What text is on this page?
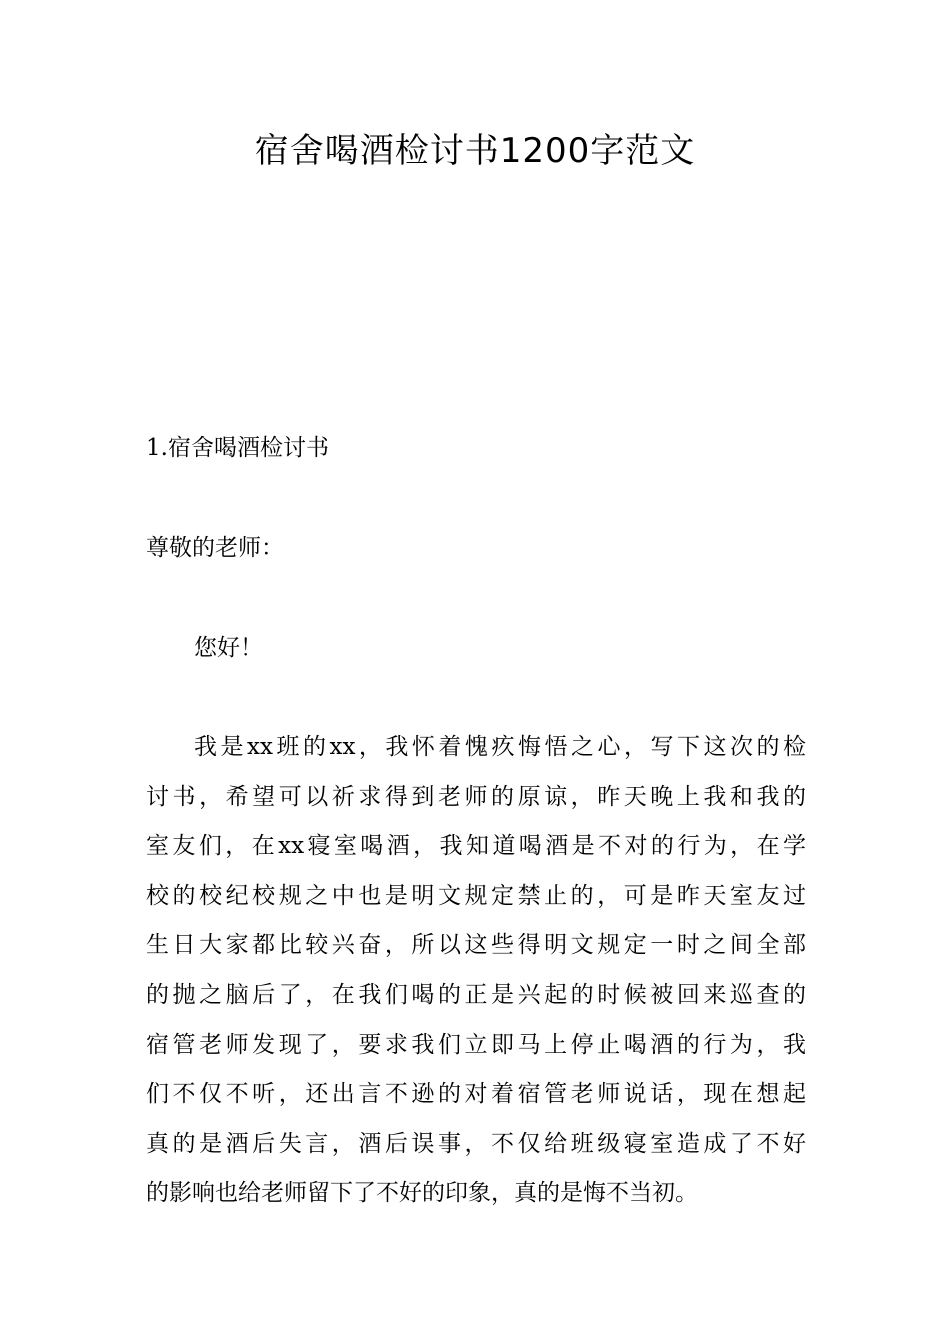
宿舍喝酒检讨书1200字范文
1.宿舍喝酒检讨书
尊敬的老师：
您好！
我是xx班的xx，我怀着愧疚悔悟之心，写下这次的检
讨书，希望可以祈求得到老师的原谅，昨天晚上我和我的
室友们，在xx寝室喝酒，我知道喝酒是不对的行为，在学
校的校纪校规之中也是明文规定禁止的，可是昨天室友过
生日大家都比较兴奋，所以这些得明文规定一时之间全部
的抛之脑后了，在我们喝的正是兴起的时候被回来巡查的
宿管老师发现了，要求我们立即马上停止喝酒的行为，我
们不仅不听，还出言不逊的对着宿管老师说话，现在想起
真的是酒后失言，酒后误事，不仅给班级寝室造成了不好
的影响也给老师留下了不好的印象，真的是悔不当初。
